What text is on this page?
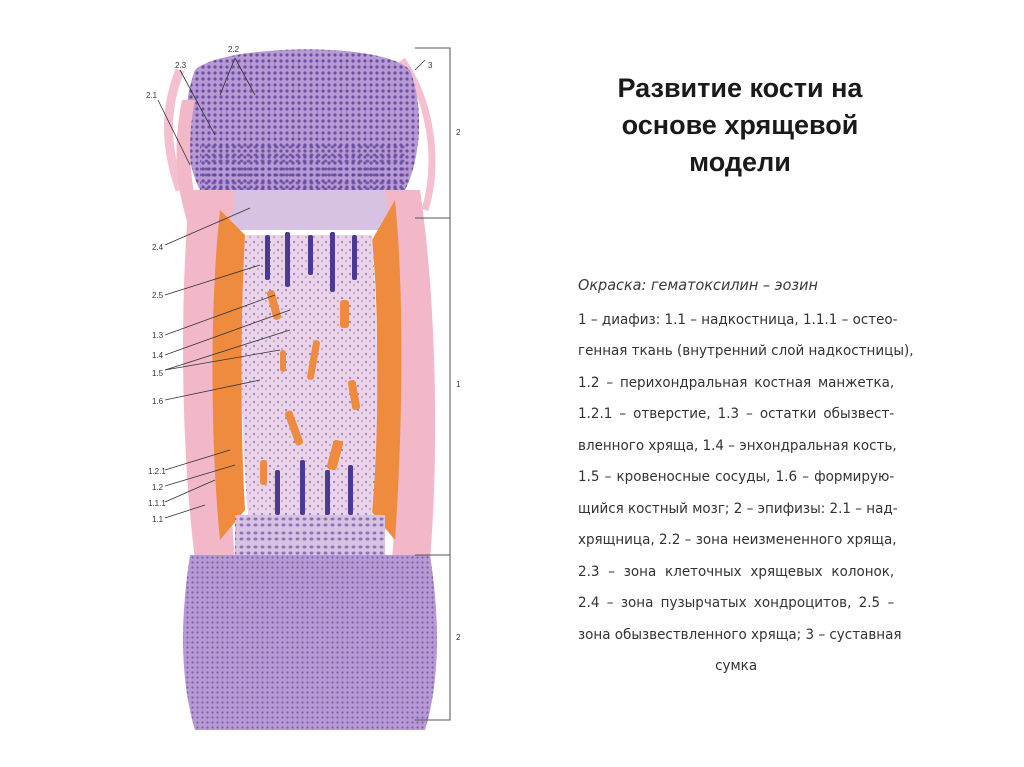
Развитие кости на
основе хрящевой
модели
Окраска: гематоксилин – эозин
1 – диафиз: 1.1 – надкостница, 1.1.1 – остео-
генная ткань (внутренний слой надкостницы),
1.2 – перихондральная костная манжетка,
1.2.1 – отверстие, 1.3 – остатки обызвест-
вленного хряща, 1.4 – энхондральная кость,
1.5 – кровеносные сосуды, 1.6 – формирую-
щийся костный мозг; 2 – эпифизы: 2.1 – над-
хрящница, 2.2 – зона неизмененного хряща,
2.3 – зона клеточных хрящевых колонок,
2.4 – зона пузырчатых хондроцитов, 2.5 –
зона обызвествленного хряща; 3 – суставная
сумка
2.3
2.2
2.1
2.4
2.5
1.3
1.4
1.5
1.6
1.2.1
1.2
1.1.1
1.1
3
2
1
2
